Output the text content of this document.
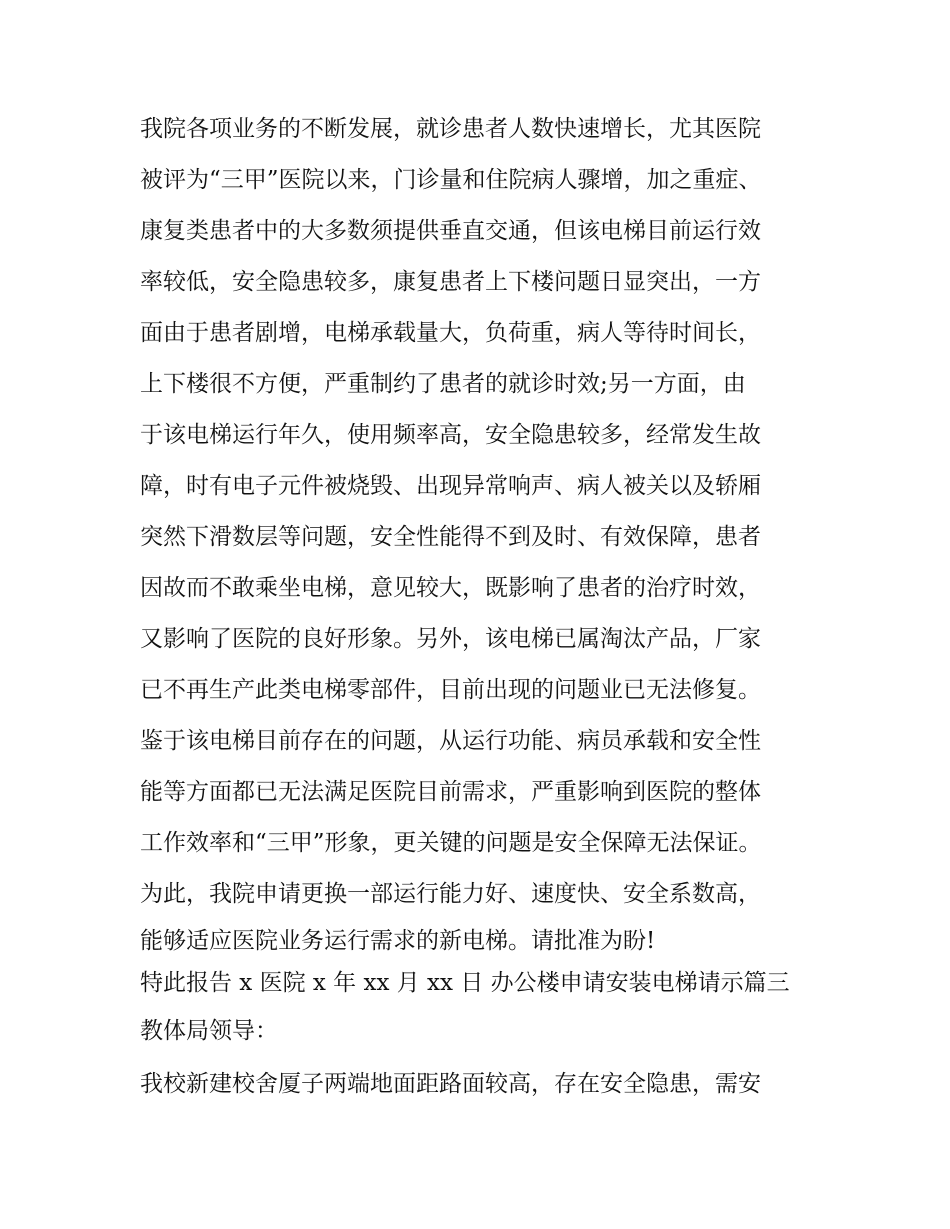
我院各项业务的不断发展，就诊患者人数快速增长，尤其医院
被评为“三甲”医院以来，门诊量和住院病人骤增，加之重症、
康复类患者中的大多数须提供垂直交通，但该电梯目前运行效
率较低，安全隐患较多，康复患者上下楼问题日显突出，一方
面由于患者剧增，电梯承载量大，负荷重，病人等待时间长，
上下楼很不方便，严重制约了患者的就诊时效;另一方面，由
于该电梯运行年久，使用频率高，安全隐患较多，经常发生故
障，时有电子元件被烧毁、出现异常响声、病人被关以及轿厢
突然下滑数层等问题，安全性能得不到及时、有效保障，患者
因故而不敢乘坐电梯，意见较大，既影响了患者的治疗时效，
又影响了医院的良好形象。另外，该电梯已属淘汰产品，厂家
已不再生产此类电梯零部件，目前出现的问题业已无法修复。
鉴于该电梯目前存在的问题，从运行功能、病员承载和安全性
能等方面都已无法满足医院目前需求，严重影响到医院的整体
工作效率和“三甲”形象，更关键的问题是安全保障无法保证。
为此，我院申请更换一部运行能力好、速度快、安全系数高，
能够适应医院业务运行需求的新电梯。请批准为盼!
特此报告 x 医院 x 年 xx 月 xx 日 办公楼申请安装电梯请示篇三
教体局领导：
我校新建校舍厦子两端地面距路面较高，存在安全隐患，需安
